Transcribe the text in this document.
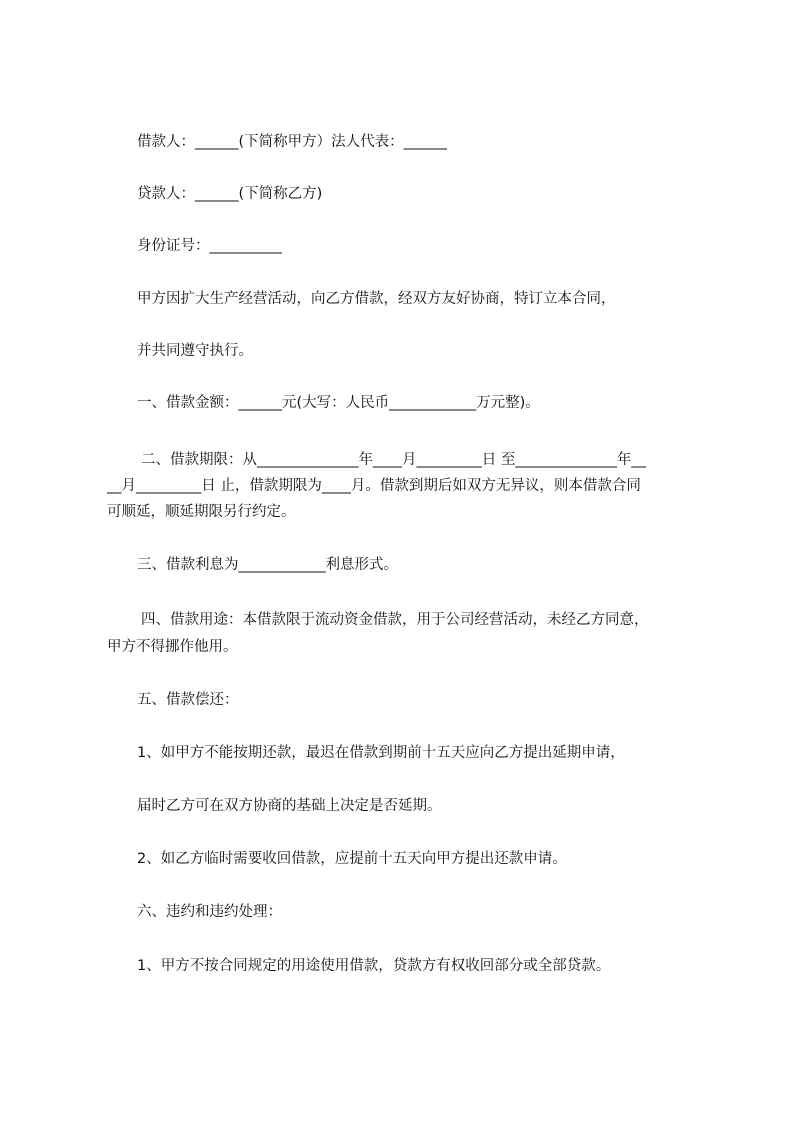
借款人：______(下简称甲方）法人代表：______
贷款人：______(下简称乙方)
身份证号：__________
甲方因扩大生产经营活动，向乙方借款，经双方友好协商，特订立本合同，
并共同遵守执行。
一、借款金额：______元(大写：人民币____________万元整)。
二、借款期限：从______________年____月_________日 至______________年__
__月_________日 止，借款期限为____月。借款到期后如双方无异议，则本借款合同
可顺延，顺延期限另行约定。
三、借款利息为____________利息形式。
四、借款用途：本借款限于流动资金借款，用于公司经营活动，未经乙方同意，
甲方不得挪作他用。
五、借款偿还：
1、如甲方不能按期还款，最迟在借款到期前十五天应向乙方提出延期申请，
届时乙方可在双方协商的基础上决定是否延期。
2、如乙方临时需要收回借款，应提前十五天向甲方提出还款申请。
六、违约和违约处理：
1、甲方不按合同规定的用途使用借款，贷款方有权收回部分或全部贷款。
